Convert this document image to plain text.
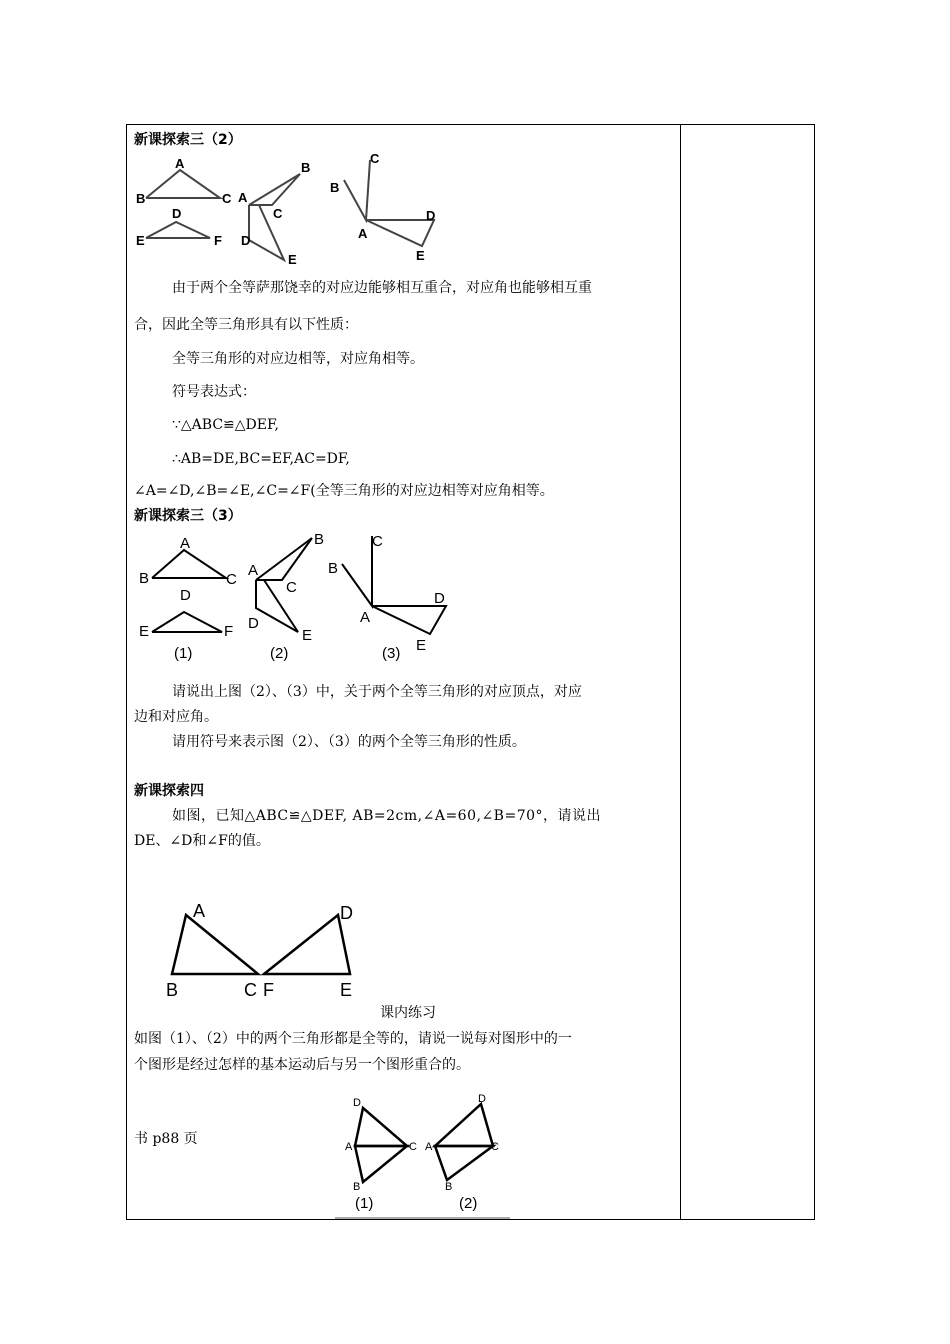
新课探索三（2）
A
B	C
D
E	F
A
B
C
D
E
B
C
D
A
E
由于两个全等萨那饶幸的对应边能够相互重合，对应角也能够相互重
合，因此全等三角形具有以下性质：
全等三角形的对应边相等，对应角相等。
符号表达式：
∵△ABC≌△DEF,
∴AB=DE,BC=EF,AC=DF,
∠A=∠D,∠B=∠E,∠C=∠F(全等三角形的对应边相等对应角相等。
新课探索三（3）
A
B	C
D
E	F
A
B
C
D
E
B
C
D
A
E
(1)	(2)	(3)
请说出上图（2）、（3）中，关于两个全等三角形的对应顶点，对应
边和对应角。
请用符号来表示图（2）、（3）的两个全等三角形的性质。
新课探索四
如图，已知△ABC≌△DEF, AB=2cm,∠A=60,∠B=70°，请说出
DE、∠D和∠F的值。
A
B	C F
D
E
课内练习
如图（1）、（2）中的两个三角形都是全等的，请说一说每对图形中的一
个图形是经过怎样的基本运动后与另一个图形重合的。
书 p88 页
D
A	C
B
D
A	C
B
(1)	(2)
